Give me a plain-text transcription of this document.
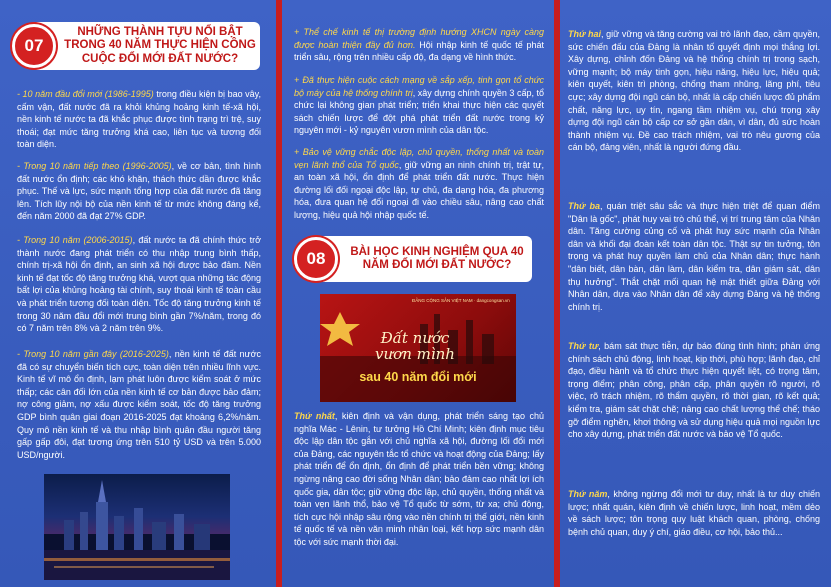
NHỮNG THÀNH TỰU NỔI BẬT TRONG 40 NĂM THỰC HIỆN CÔNG CUỘC ĐỔI MỚI ĐẤT NƯỚC?
07

- 10 năm đầu đổi mới (1986-1995) trong điều kiện bị bao vây, cấm vận, đất nước đã ra khỏi khủng hoảng kinh tế-xã hội, nền kinh tế nước ta đã khắc phục được tình trạng trì trệ, suy thoái; đạt mức tăng trưởng khá cao, liên tục và tương đối toàn diện.

- Trong 10 năm tiếp theo (1996-2005), về cơ bản, tình hình đất nước ổn định; các khó khăn, thách thức dần được khắc phục. Thế và lực, sức mạnh tổng hợp của đất nước đã tăng lên. Tích lũy nội bộ của nền kinh tế từ mức không đáng kể, đến năm 2000 đã đạt 27% GDP.

- Trong 10 năm (2006-2015), đất nước ta đã chính thức trở thành nước đang phát triển có thu nhập trung bình thấp, chính trị-xã hội ổn định, an sinh xã hội được bảo đảm. Nền kinh tế đạt tốc độ tăng trưởng khá, vượt qua những tác động bất lợi của khủng hoảng tài chính, suy thoái kinh tế toàn cầu và phát triển tương đối toàn diện. Tốc độ tăng trưởng kinh tế trong 30 năm đầu đổi mới trung bình gần 7%/năm, trong đó có 7 năm trên 8% và 2 năm trên 9%.

- Trong 10 năm gần đây (2016-2025), nền kinh tế đất nước đã có sự chuyển biến tích cực, toàn diện trên nhiều lĩnh vực. Kinh tế vĩ mô ổn định, lạm phát luôn được kiểm soát ở mức thấp; các cân đối lớn của nền kinh tế cơ bản được bảo đảm; nợ công giảm, nợ xấu được kiểm soát, tốc độ tăng trưởng GDP bình quân giai đoạn 2016-2025 đạt khoảng 6,2%/năm. Quy mô nền kinh tế và thu nhập bình quân đầu người tăng gấp gấp đôi, đạt tương ứng trên 510 tỷ USD và trên 5.000 USD/người.

+ Thể chế kinh tế thị trường định hướng XHCN ngày càng được hoàn thiện đầy đủ hơn. Hội nhập kinh tế quốc tế phát triển sâu, rộng trên nhiều cấp độ, đa dạng về hình thức.

+ Đã thực hiện cuộc cách mạng về sắp xếp, tinh gọn tổ chức bộ máy của hệ thống chính trị, xây dựng chính quyền 3 cấp, tổ chức lại không gian phát triển; triển khai thực hiện các quyết sách chiến lược để đột phá phát triển đất nước trong kỷ nguyên mới - kỷ nguyên vươn mình của dân tộc.

+ Bảo vệ vững chắc độc lập, chủ quyền, thống nhất và toàn vẹn lãnh thổ của Tổ quốc, giữ vững an ninh chính trị, trật tự, an toàn xã hội, ổn định để phát triển đất nước. Thực hiện đường lối đối ngoại độc lập, tự chủ, đa dạng hóa, đa phương hóa, đưa quan hệ đối ngoại đi vào chiều sâu, nâng cao chất lượng, hiệu quả hội nhập quốc tế.

BÀI HỌC KINH NGHIỆM QUA 40 NĂM ĐỔI MỚI ĐẤT NƯỚC?
08
ĐẢNG CỘNG SẢN VIỆT NAM · dangcongsan.vn
Đất nước vươn mình
sau 40 năm đổi mới

Thứ nhất, kiên định và vận dụng, phát triển sáng tạo chủ nghĩa Mác - Lênin, tư tưởng Hồ Chí Minh; kiên định mục tiêu độc lập dân tộc gắn với chủ nghĩa xã hội, đường lối đổi mới của Đảng, các nguyên tắc tổ chức và hoạt động của Đảng; lấy phát triển để ổn định, ổn định để phát triển bền vững; không ngừng nâng cao đời sống Nhân dân; bảo đảm cao nhất lợi ích quốc gia, dân tộc; giữ vững độc lập, chủ quyền, thống nhất và toàn vẹn lãnh thổ, bảo vệ Tổ quốc từ sớm, từ xa; chủ động, tích cực hội nhập sâu rộng vào nền chính trị thế giới, nền kinh tế quốc tế và nền văn minh nhân loại, kết hợp sức mạnh dân tộc với sức mạnh thời đại.

Thứ hai, giữ vững và tăng cường vai trò lãnh đạo, cầm quyền, sức chiến đấu của Đảng là nhân tố quyết định mọi thắng lợi. Xây dựng, chỉnh đốn Đảng và hệ thống chính trị trong sạch, vững mạnh; bộ máy tinh gọn, hiệu năng, hiệu lực, hiệu quả; kiên quyết, kiên trì phòng, chống tham nhũng, lãng phí, tiêu cực; xây dựng đội ngũ cán bộ, nhất là cấp chiến lược đủ phẩm chất, năng lực, uy tín, ngang tầm nhiệm vụ, chú trọng xây dựng đội ngũ cán bộ cấp cơ sở gần dân, vì dân, đủ sức hoàn thành nhiệm vụ. Đề cao trách nhiệm, vai trò nêu gương của cán bộ, đảng viên, nhất là người đứng đầu.

Thứ ba, quán triệt sâu sắc và thực hiện triệt để quan điểm "Dân là gốc", phát huy vai trò chủ thể, vị trí trung tâm của Nhân dân. Tăng cường củng cố và phát huy sức mạnh của Nhân dân và khối đại đoàn kết toàn dân tộc. Thật sự tin tưởng, tôn trọng và phát huy quyền làm chủ của Nhân dân; thực hành "dân biết, dân bàn, dân làm, dân kiểm tra, dân giám sát, dân thụ hưởng". Thắt chặt mối quan hệ mật thiết giữa Đảng với Nhân dân, dựa vào Nhân dân để xây dựng Đảng và hệ thống chính trị.

Thứ tư, bám sát thực tiễn, dự báo đúng tình hình; phản ứng chính sách chủ động, linh hoạt, kịp thời, phù hợp; lãnh đạo, chỉ đạo, điều hành và tổ chức thực hiện quyết liệt, có trọng tâm, trọng điểm; phân công, phân cấp, phân quyền rõ người, rõ việc, rõ trách nhiệm, rõ thẩm quyền, rõ thời gian, rõ kết quả; kiểm tra, giám sát chặt chẽ; nâng cao chất lượng thể chế; tháo gỡ điểm nghẽn, khơi thông và sử dụng hiệu quả mọi nguồn lực cho xây dựng, phát triển đất nước và bảo vệ Tổ quốc.

Thứ năm, không ngừng đổi mới tư duy, nhất là tư duy chiến lược; nhất quán, kiên định về chiến lược, linh hoạt, mềm dẻo về sách lược; tôn trọng quy luật khách quan, phòng, chống bệnh chủ quan, duy ý chí, giáo điều, cơ hội, bảo thủ...
